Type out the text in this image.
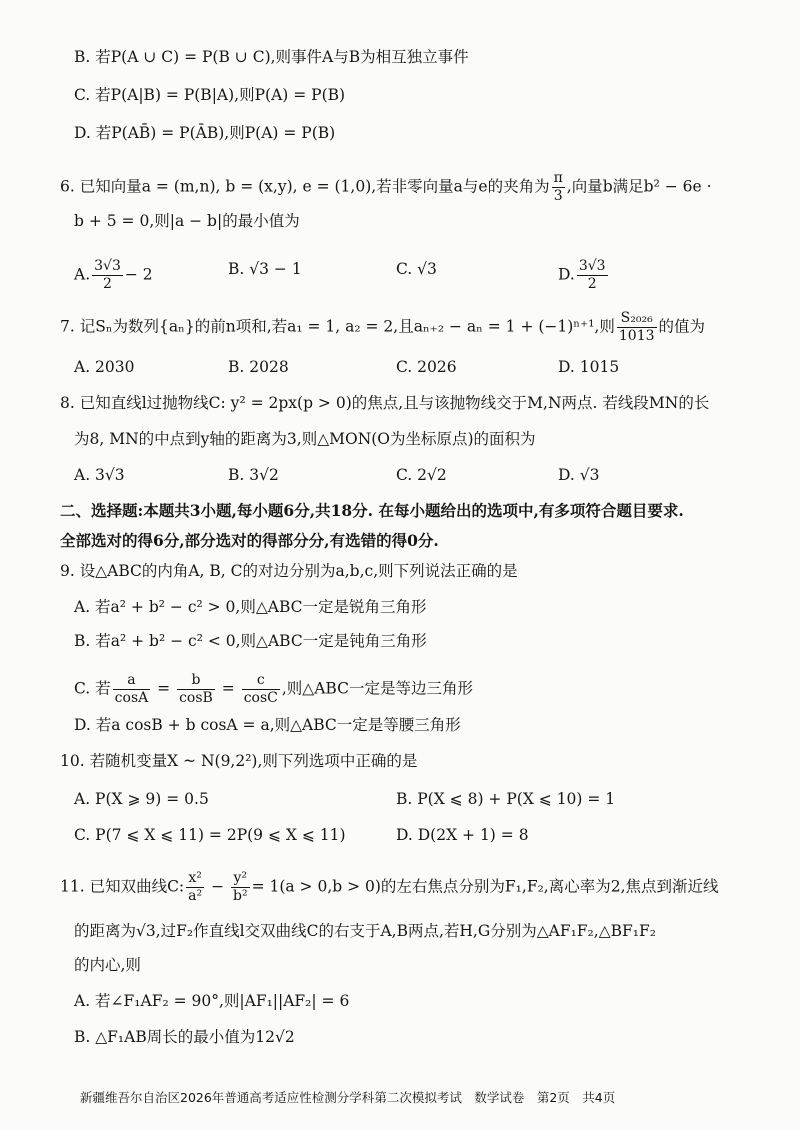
B. 若P(A ∪ C) = P(B ∪ C),则事件A与B为相互独立事件
C. 若P(A|B) = P(B|A),则P(A) = P(B)
D. 若P(AB̄) = P(ĀB),则P(A) = P(B)
6. 已知向量a = (m,n), b = (x,y), e = (1,0),若非零向量a与e的夹角为 $\frac{\pi}{3}$ ,向量b满足b² − 6e ·
b + 5 = 0,则|a − b|的最小值为
A. $\frac{3√3}{2} - 2$	B. √3 − 1	C. √3	D. $\frac{3√3}{2}$
7. 记Sₙ为数列{aₙ}的前n项和,若a₁ = 1, a₂ = 2,且aₙ₊₂ − aₙ = 1 + (−1)ⁿ⁺¹,则 $\frac{\text{S₂₀₂₆}}{1013}$ 的值为
A. 2030	B. 2028	C. 2026	D. 1015
8. 已知直线l过抛物线C: y² = 2px(p > 0)的焦点,且与该抛物线交于M,N两点. 若线段MN的长
为8, MN的中点到y轴的距离为3,则△MON(O为坐标原点)的面积为
A. 3√3	B. 3√2	C. 2√2	D. √3
二、选择题:本题共3小题,每小题6分,共18分. 在每小题给出的选项中,有多项符合题目要求.
全部选对的得6分,部分选对的得部分分,有选错的得0分.
9. 设△ABC的内角A, B, C的对边分别为a,b,c,则下列说法正确的是
A. 若a² + b² − c² > 0,则△ABC一定是锐角三角形
B. 若a² + b² − c² < 0,则△ABC一定是钝角三角形
C. 若 $\frac{a}{\cos A} = \frac{b}{\cos B} = \frac{c}{\cos C}$ ,则△ABC一定是等边三角形
D. 若a cosB + b cosA = a,则△ABC一定是等腰三角形
10. 若随机变量X ~ N(9,2²),则下列选项中正确的是
A. P(X ⩾ 9) = 0.5	B. P(X ⩽ 8) + P(X ⩽ 10) = 1
C. P(7 ⩽ X ⩽ 11) = 2P(9 ⩽ X ⩽ 11)	D. D(2X + 1) = 8
11. 已知双曲线C: $\frac{\text{x²}}{\text{a²}} - \frac{\text{y²}}{\text{b²}} = 1(a > 0,b > 0)$的左右焦点分别为F₁,F₂,离心率为2,焦点到渐近线
的距离为√3,过F₂作直线l交双曲线C的右支于A,B两点,若H,G分别为△AF₁F₂,△BF₁F₂
的内心,则
A. 若∠F₁AF₂ = 90°,则|AF₁||AF₂| = 6
B. △F₁AB周长的最小值为12√2
新疆维吾尔自治区2026年普通高考适应性检测分学科第二次模拟考试　数学试卷　第2页　共4页
